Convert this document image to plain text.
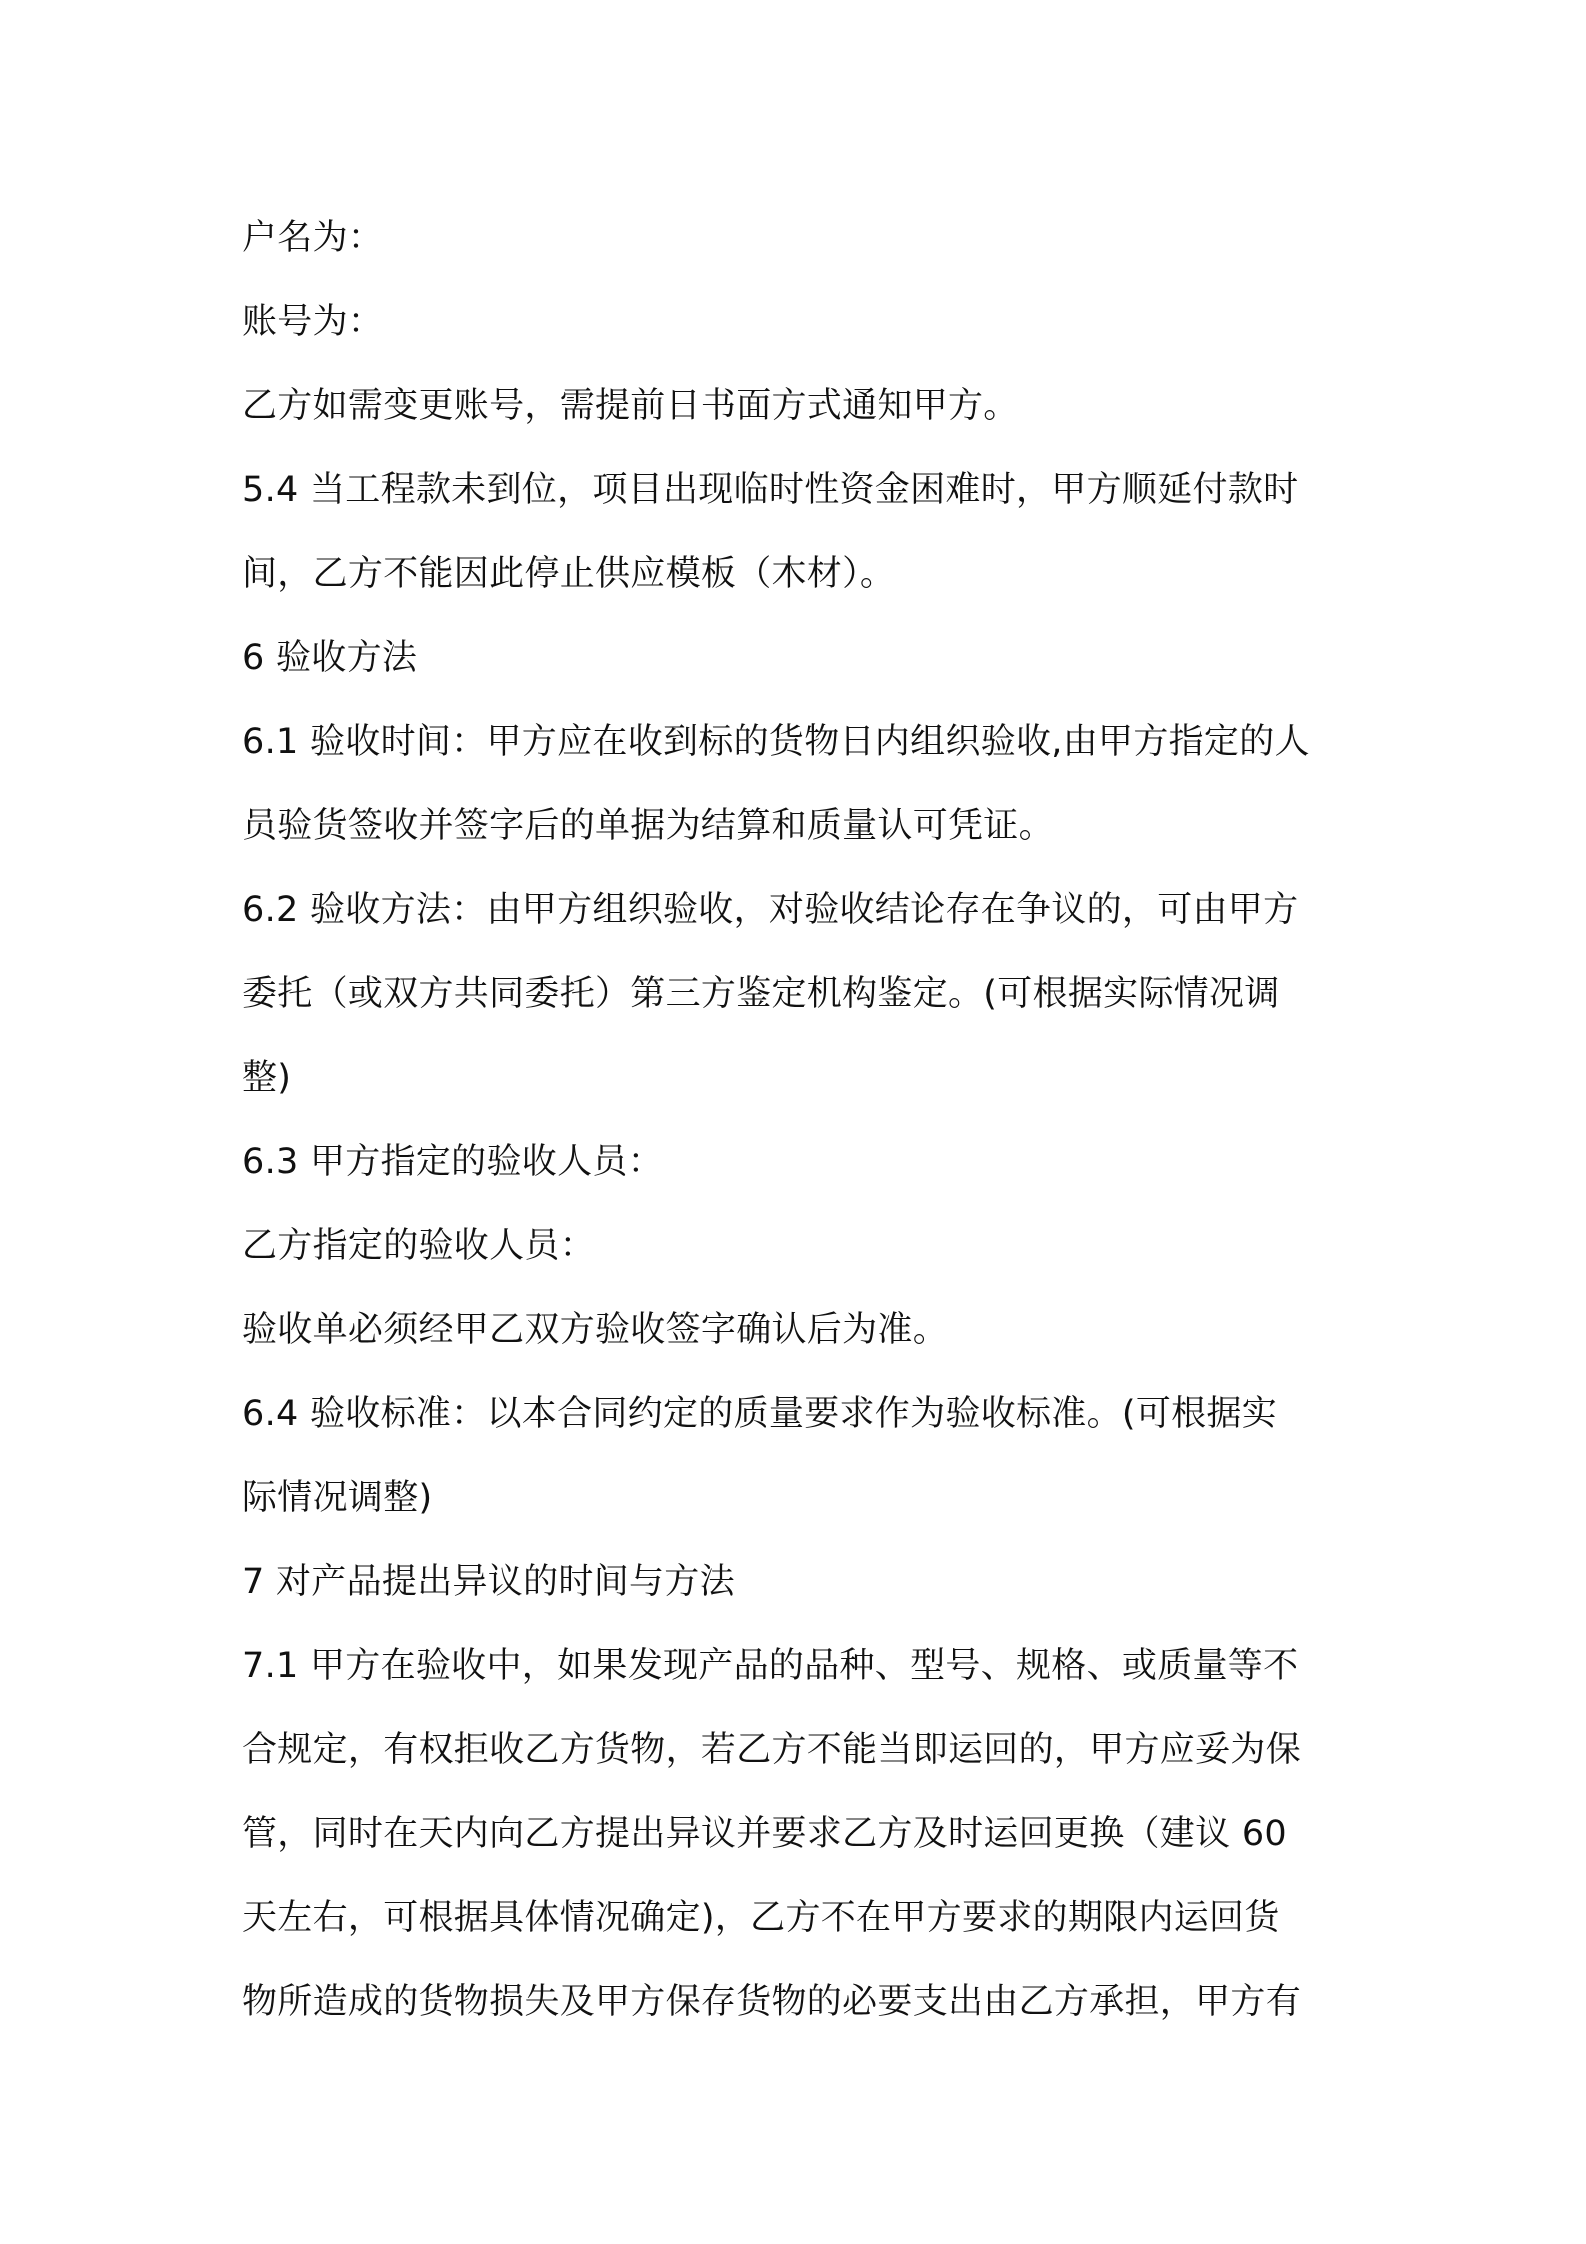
户名为：
账号为：
乙方如需变更账号，需提前日书面方式通知甲方。
5.4 当工程款未到位，项目出现临时性资金困难时，甲方顺延付款时
间，乙方不能因此停止供应模板（木材）。
6 验收方法
6.1 验收时间：甲方应在收到标的货物日内组织验收,由甲方指定的人
员验货签收并签字后的单据为结算和质量认可凭证。
6.2 验收方法：由甲方组织验收，对验收结论存在争议的，可由甲方
委托（或双方共同委托）第三方鉴定机构鉴定。(可根据实际情况调
整)
6.3 甲方指定的验收人员：
乙方指定的验收人员：
验收单必须经甲乙双方验收签字确认后为准。
6.4 验收标准：以本合同约定的质量要求作为验收标准。(可根据实
际情况调整)
7 对产品提出异议的时间与方法
7.1 甲方在验收中，如果发现产品的品种、型号、规格、或质量等不
合规定，有权拒收乙方货物，若乙方不能当即运回的，甲方应妥为保
管，同时在天内向乙方提出异议并要求乙方及时运回更换（建议 60
天左右，可根据具体情况确定)，乙方不在甲方要求的期限内运回货
物所造成的货物损失及甲方保存货物的必要支出由乙方承担，甲方有
